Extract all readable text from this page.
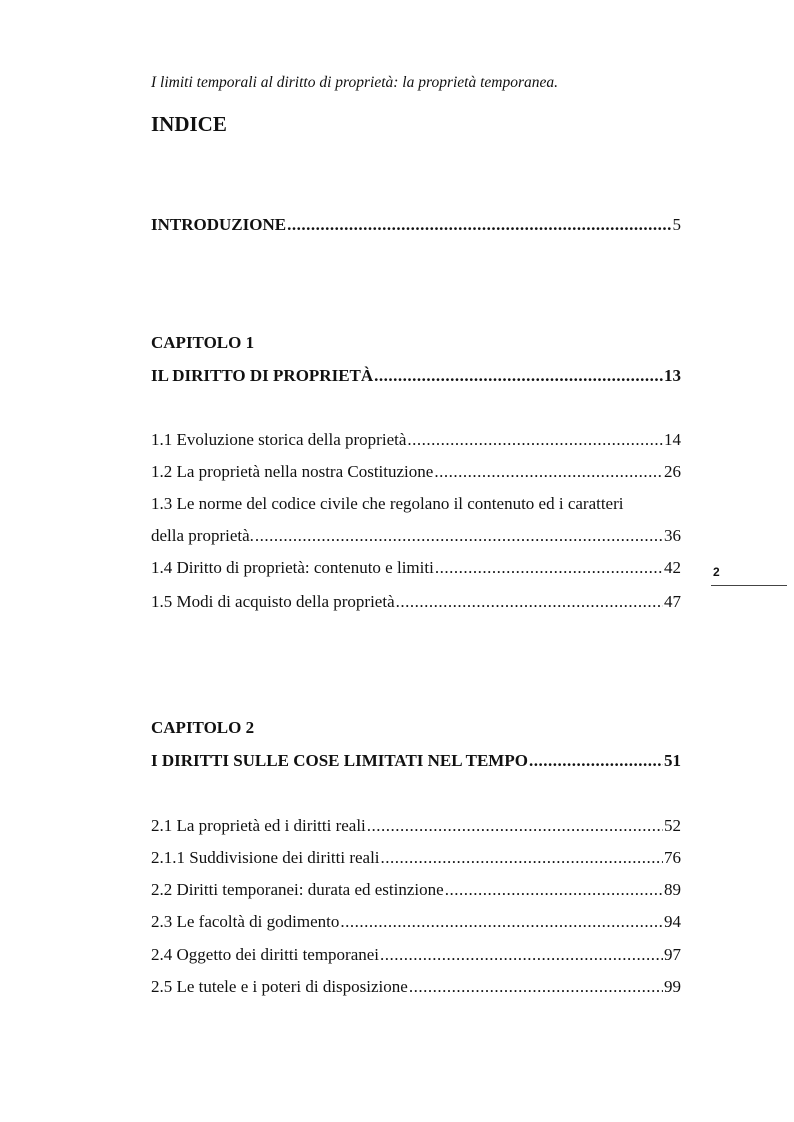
I limiti temporali al diritto di proprietà: la proprietà temporanea.
INDICE
INTRODUZIONE .....	5
CAPITOLO 1
IL DIRITTO DI PROPRIETÀ .....	13
1.1 Evoluzione storica della proprietà .....	14
1.2 La proprietà nella nostra Costituzione .....	26
1.3 Le norme del codice civile che regolano il contenuto ed i caratteri
della proprietà. .....	36
1.4 Diritto di proprietà: contenuto e limiti .....	42
1.5 Modi di acquisto della proprietà .....	47
CAPITOLO 2
I DIRITTI SULLE COSE LIMITATI NEL TEMPO .....	51
2.1 La proprietà ed i diritti reali .....	52
2.1.1 Suddivisione dei diritti reali .....	76
2.2 Diritti temporanei: durata ed estinzione .....	89
2.3 Le facoltà di godimento .....	94
2.4 Oggetto dei diritti temporanei .....	97
2.5 Le tutele e i poteri di disposizione .....	99
2
